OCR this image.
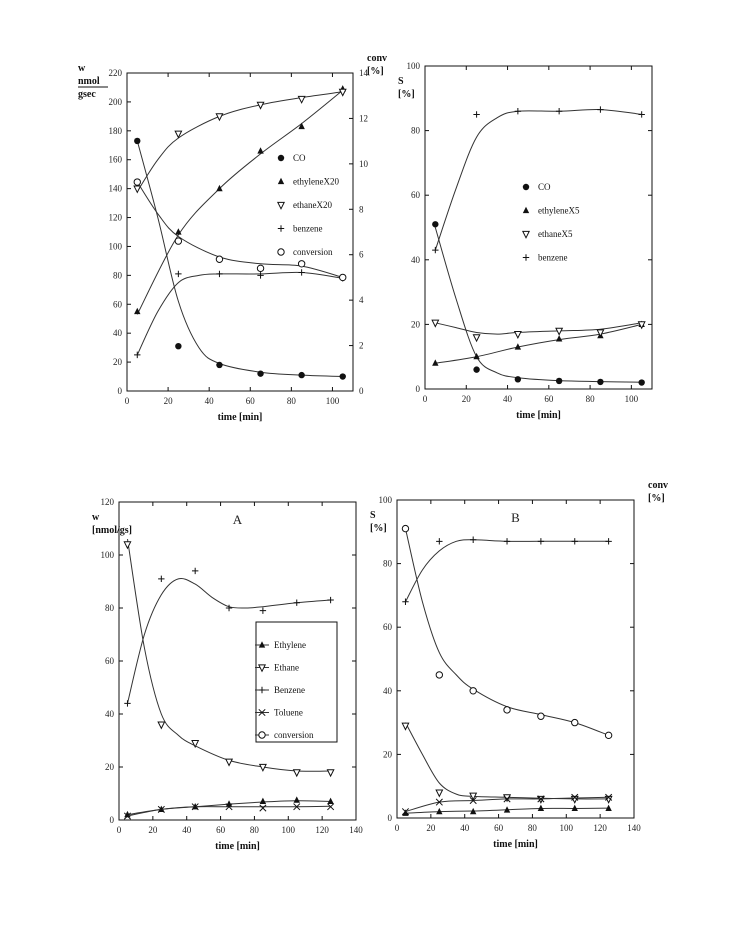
0	20	40	60	80	100
0
20
40
60
80
100
120
140
160
180
200
220
0
2
4
6
8
10
12
14
time [min]
w
nmol
gsec
conv
[%]
CO
ethyleneX20
ethaneX20
benzene
conversion
0	20	40	60	80	100
0
20
40
60
80
100
time [min]
S
[%]
CO
ethyleneX5
ethaneX5
benzene
0	20	40	60	80	100 120 140
0
20
40
60
80
100
120
time [min]
w
[nmol/gs]
A
Ethylene
Ethane
Benzene
Toluene
conversion
0	20	40	60	80	100 120 140
0
20
40
60
80
100
time [min]
S
[%]
conv
[%]
B
